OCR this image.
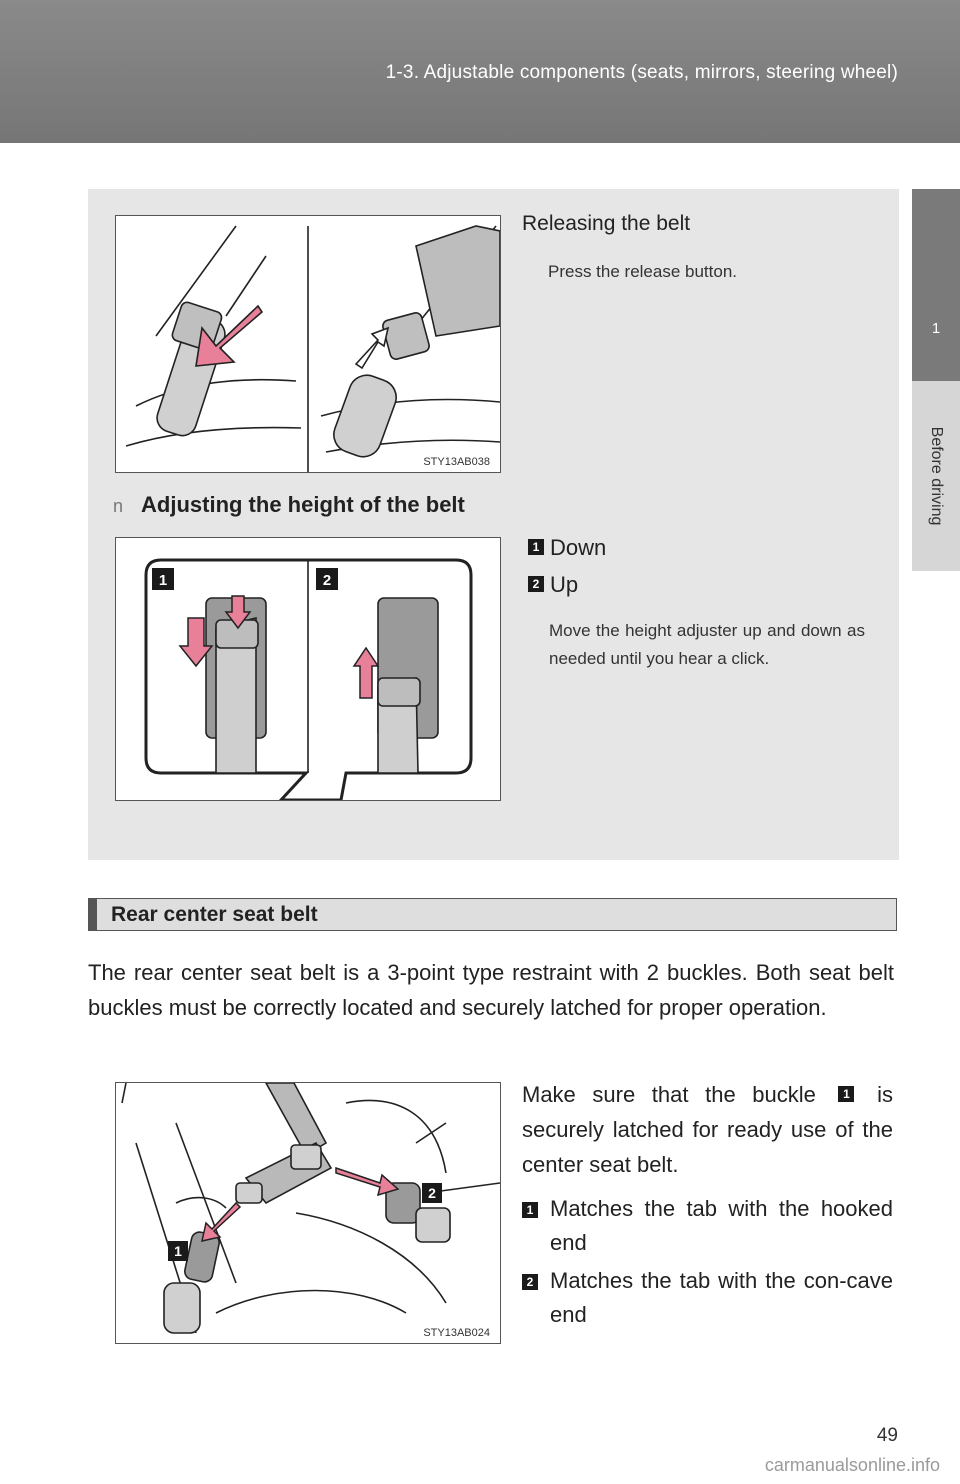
1-3. Adjustable components (seats, mirrors, steering wheel)
1
Before driving
STY13AB038
Releasing the belt
Press the release button.
n Adjusting the height of the belt
1	2
1 Down
2 Up
Move the height adjuster up and down as needed until you hear a click.
Rear center seat belt
The rear center seat belt is a 3-point type restraint with 2 buckles. Both seat belt buckles must be correctly located and securely latched for proper operation.
1
2
STY13AB024
Make sure that the buckle 1 is securely latched for ready use of the center seat belt.
1 Matches the tab with the hooked end
2 Matches the tab with the con-cave end
49
carmanualsonline.info
